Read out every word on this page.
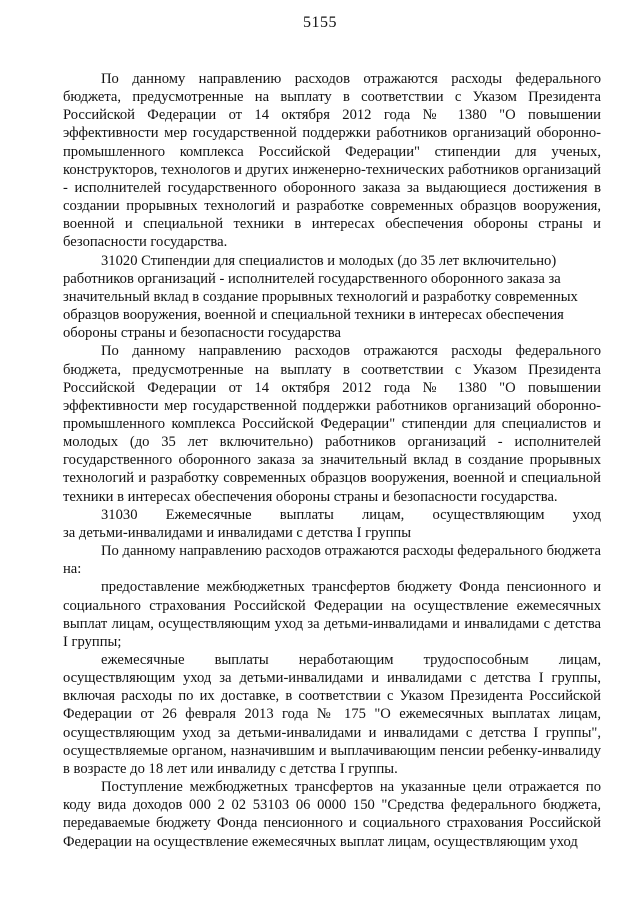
5155

По данному направлению расходов отражаются расходы федерального бюджета, предусмотренные на выплату в соответствии с Указом Президента Российской Федерации от 14 октября 2012 года № 1380 "О повышении эффективности мер государственной поддержки работников организаций оборонно-промышленного комплекса Российской Федерации" стипендии для ученых, конструкторов, технологов и других инженерно-технических работников организаций - исполнителей государственного оборонного заказа за выдающиеся достижения в создании прорывных технологий и разработке современных образцов вооружения, военной и специальной техники в интересах обеспечения обороны страны и безопасности государства.

31020 Стипендии для специалистов и молодых (до 35 лет включительно) работников организаций - исполнителей государственного оборонного заказа за значительный вклад в создание прорывных технологий и разработку современных образцов вооружения, военной и специальной техники в интересах обеспечения обороны страны и безопасности государства

По данному направлению расходов отражаются расходы федерального бюджета, предусмотренные на выплату в соответствии с Указом Президента Российской Федерации от 14 октября 2012 года № 1380 "О повышении эффективности мер государственной поддержки работников организаций оборонно-промышленного комплекса Российской Федерации" стипендии для специалистов и молодых (до 35 лет включительно) работников организаций - исполнителей государственного оборонного заказа за значительный вклад в создание прорывных технологий и разработку современных образцов вооружения, военной и специальной техники в интересах обеспечения обороны страны и безопасности государства.

31030 Ежемесячные выплаты лицам, осуществляющим уход

за детьми-инвалидами и инвалидами с детства I группы

По данному направлению расходов отражаются расходы федерального бюджета на:

предоставление межбюджетных трансфертов бюджету Фонда пенсионного и социального страхования Российской Федерации на осуществление ежемесячных выплат лицам, осуществляющим уход за детьми-инвалидами и инвалидами с детства I группы;

ежемесячные выплаты неработающим трудоспособным лицам, осуществляющим уход за детьми-инвалидами и инвалидами с детства I группы, включая расходы по их доставке, в соответствии с Указом Президента Российской Федерации от 26 февраля 2013 года № 175 "О ежемесячных выплатах лицам, осуществляющим уход за детьми-инвалидами и инвалидами с детства I группы", осуществляемые органом, назначившим и выплачивающим пенсии ребенку-инвалиду в возрасте до 18 лет или инвалиду с детства I группы.

Поступление межбюджетных трансфертов на указанные цели отражается по коду вида доходов 000 2 02 53103 06 0000 150 "Средства федерального бюджета, передаваемые бюджету Фонда пенсионного и социального страхования Российской Федерации на осуществление ежемесячных выплат лицам, осуществляющим уход
